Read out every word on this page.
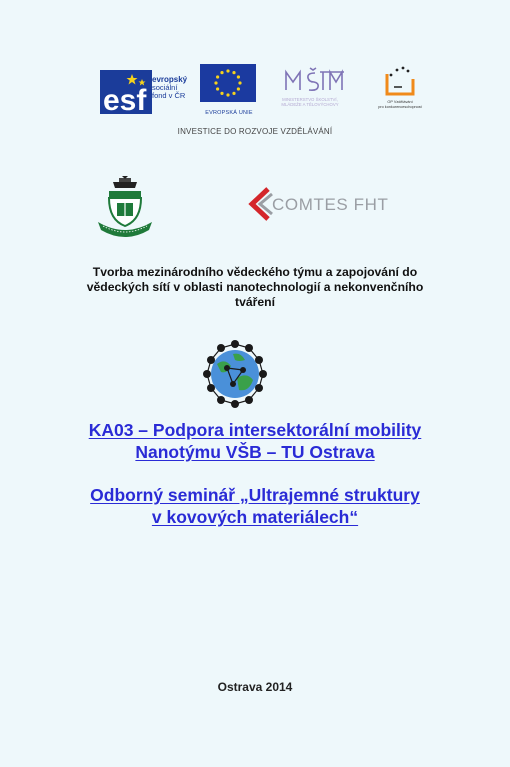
esf
evropský
sociální
fond v ČR
EVROPSKÁ UNIE
MINISTERSTVO ŠKOLSTVÍ,
MLÁDEŽE A TĚLOVÝCHOVY	OP Vzdělávání
pro konkurenceschopnost
INVESTICE DO ROZVOJE VZDĚLÁVÁNÍ
COMTES FHT
Tvorba mezinárodního vědeckého týmu a zapojování do
vědeckých sítí v oblasti nanotechnologií a nekonvenčního
tváření
KA03 – Podpora intersektorální mobility
Nanotýmu VŠB – TU Ostrava
Odborný seminář „Ultrajemné struktury
v kovových materiálech“
Ostrava 2014
